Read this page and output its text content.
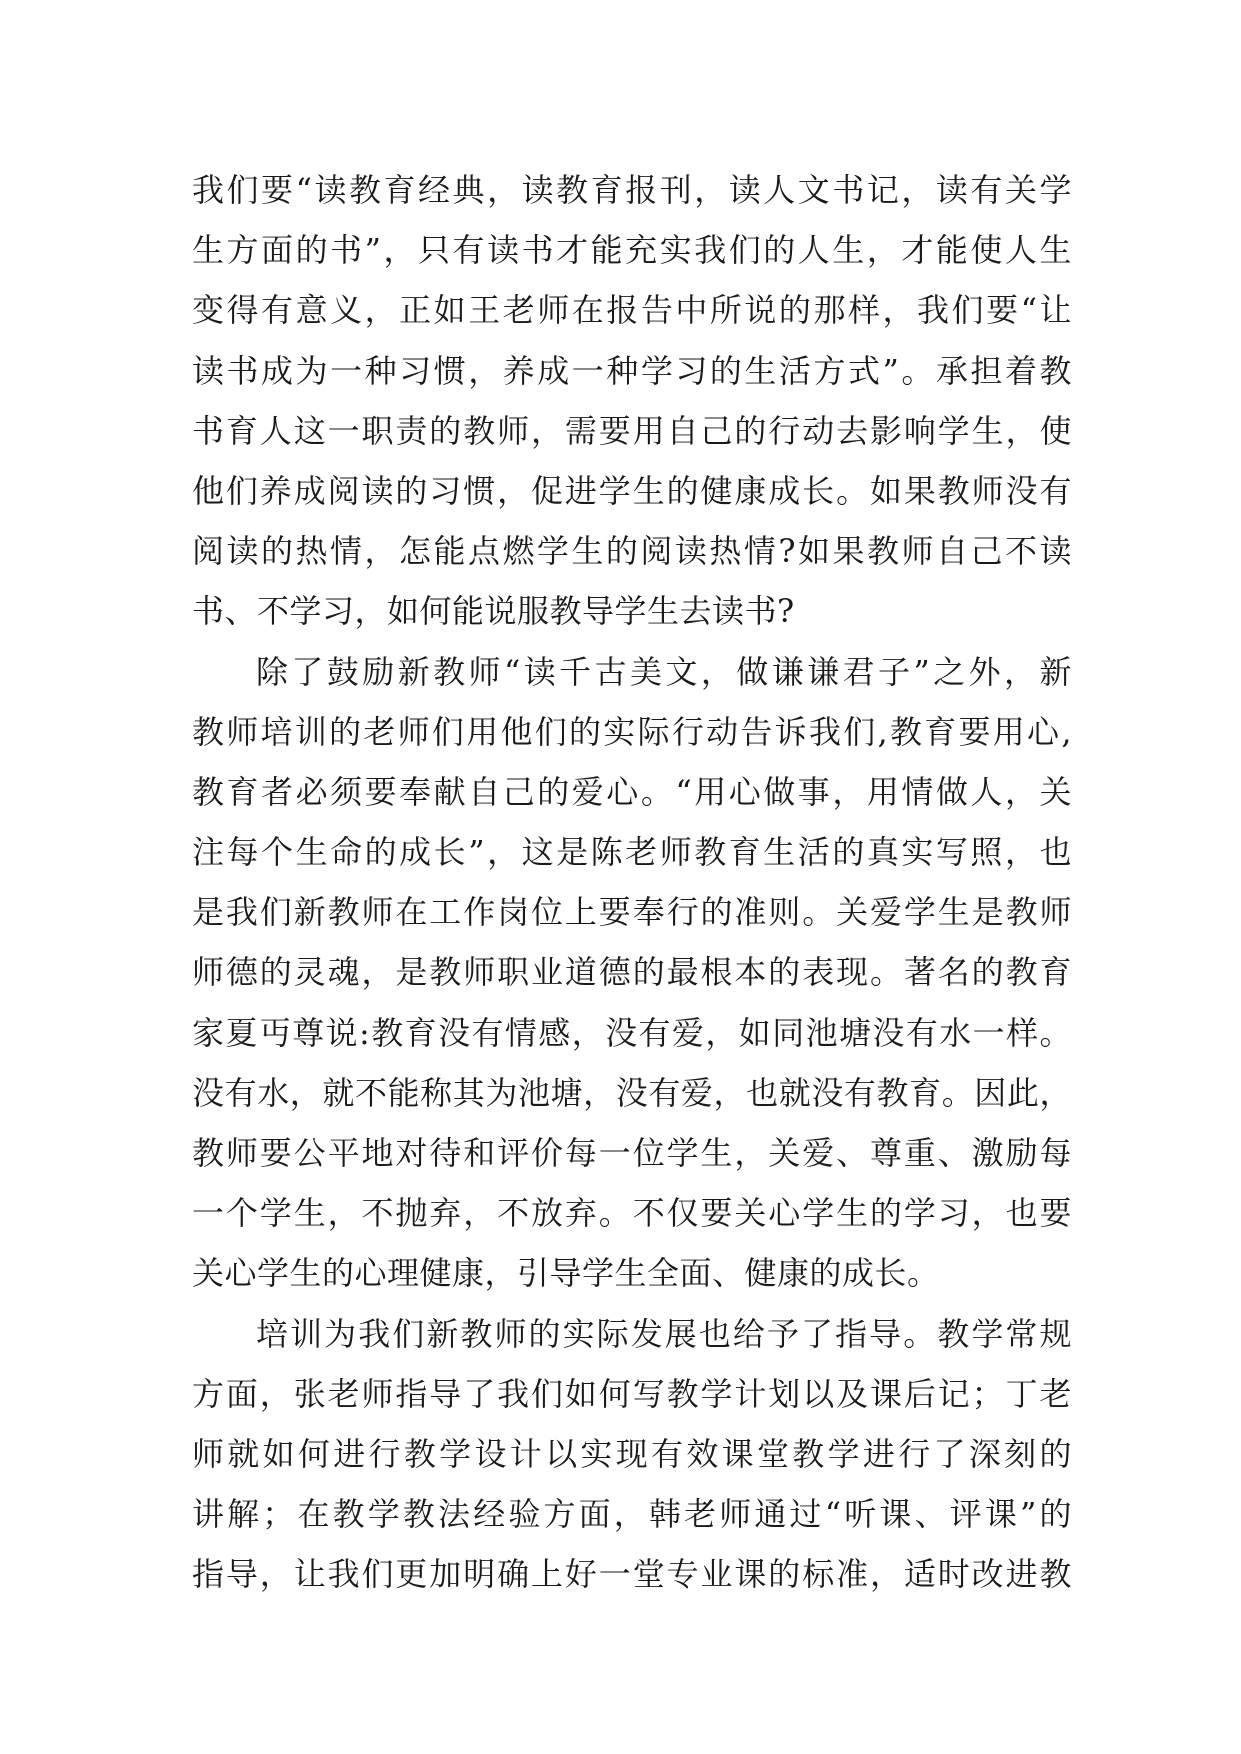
我们要“读教育经典，读教育报刊，读人文书记，读有关学
生方面的书”，只有读书才能充实我们的人生，才能使人生
变得有意义，正如王老师在报告中所说的那样，我们要“让
读书成为一种习惯，养成一种学习的生活方式”。承担着教
书育人这一职责的教师，需要用自己的行动去影响学生，使
他们养成阅读的习惯，促进学生的健康成长。如果教师没有
阅读的热情，怎能点燃学生的阅读热情?如果教师自己不读
书、不学习，如何能说服教导学生去读书?
除了鼓励新教师“读千古美文，做谦谦君子”之外，新
教师培训的老师们用他们的实际行动告诉我们,教育要用心,
教育者必须要奉献自己的爱心。“用心做事，用情做人，关
注每个生命的成长”，这是陈老师教育生活的真实写照，也
是我们新教师在工作岗位上要奉行的准则。关爱学生是教师
师德的灵魂，是教师职业道德的最根本的表现。著名的教育
家夏丏尊说:教育没有情感，没有爱，如同池塘没有水一样。
没有水，就不能称其为池塘，没有爱，也就没有教育。因此，
教师要公平地对待和评价每一位学生，关爱、尊重、激励每
一个学生，不抛弃，不放弃。不仅要关心学生的学习，也要
关心学生的心理健康，引导学生全面、健康的成长。
培训为我们新教师的实际发展也给予了指导。教学常规
方面，张老师指导了我们如何写教学计划以及课后记；丁老
师就如何进行教学设计以实现有效课堂教学进行了深刻的
讲解；在教学教法经验方面，韩老师通过“听课、评课”的
指导，让我们更加明确上好一堂专业课的标准，适时改进教
